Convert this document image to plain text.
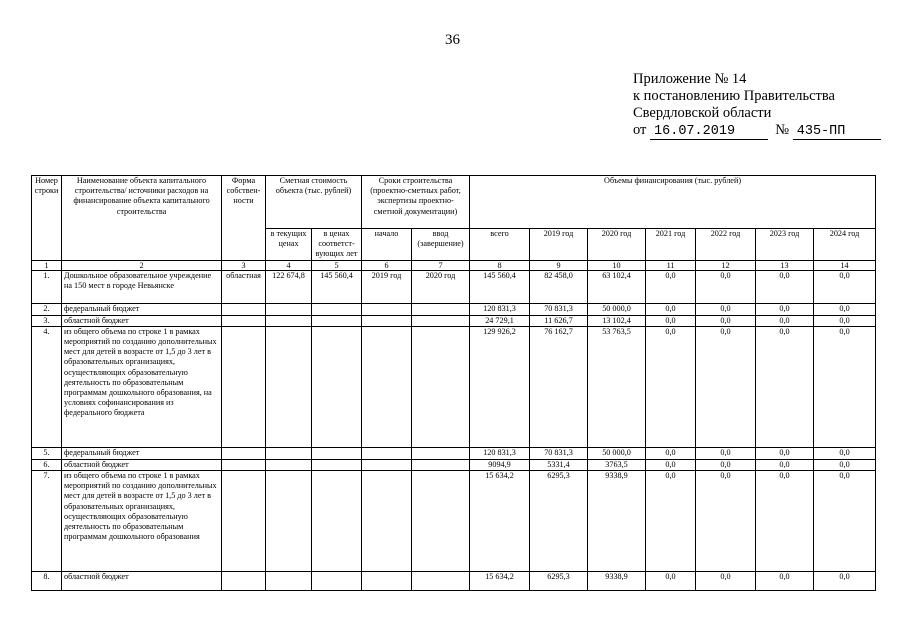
36
Приложение № 14
к постановлению Правительства
Свердловской области
от 16.07.2019	№ 435-ПП
Номер строки	Наименование объекта капитального строительства/ источники расходов на финансирование объекта капитального строительства	Форма собствен-ности	Сметная стоимость объекта (тыс. рублей)		Сроки строительства (проектно-сметных работ, экспертизы проектно-сметной документации)		Объемы финансирования (тыс. рублей)						
			в текущих ценах	в ценах соответст-вующих лет	начало	ввод (завершение)	всего	2019 год	2020 год	2021 год	2022 год	2023 год	2024 год
1	2	3	4	5	6	7	8	9	10	11	12	13	14
1.	Дошкольное образовательное учреждение на 150 мест в городе Невьянске	областная	122 674,8	145 560,4	2019 год	2020 год	145 560,4	82 458,0	63 102,4	0,0	0,0	0,0	0,0
2.	федеральный бюджет						120 831,3	70 831,3	50 000,0	0,0	0,0	0,0	0,0
3.	областной бюджет						24 729,1	11 626,7	13 102,4	0,0	0,0	0,0	0,0
4.	из общего объема по строке 1 в рамках мероприятий по созданию дополнительных мест для детей в возрасте от 1,5 до 3 лет в образовательных организациях, осуществляющих образовательную деятельность по образовательным программам дошкольного образования, на условиях софинансирования из федерального бюджета						129 926,2	76 162,7	53 763,5	0,0	0,0	0,0	0,0
5.	федеральный бюджет						120 831,3	70 831,3	50 000,0	0,0	0,0	0,0	0,0
6.	областной бюджет						9094,9	5331,4	3763,5	0,0	0,0	0,0	0,0
7.	из общего объема по строке 1 в рамках мероприятий по созданию дополнительных мест для детей в возрасте от 1,5 до 3 лет в образовательных организациях, осуществляющих образовательную деятельность по образовательным программам дошкольного образования						15 634,2	6295,3	9338,9	0,0	0,0	0,0	0,0
8.	областной бюджет						15 634,2	6295,3	9338,9	0,0	0,0	0,0	0,0
